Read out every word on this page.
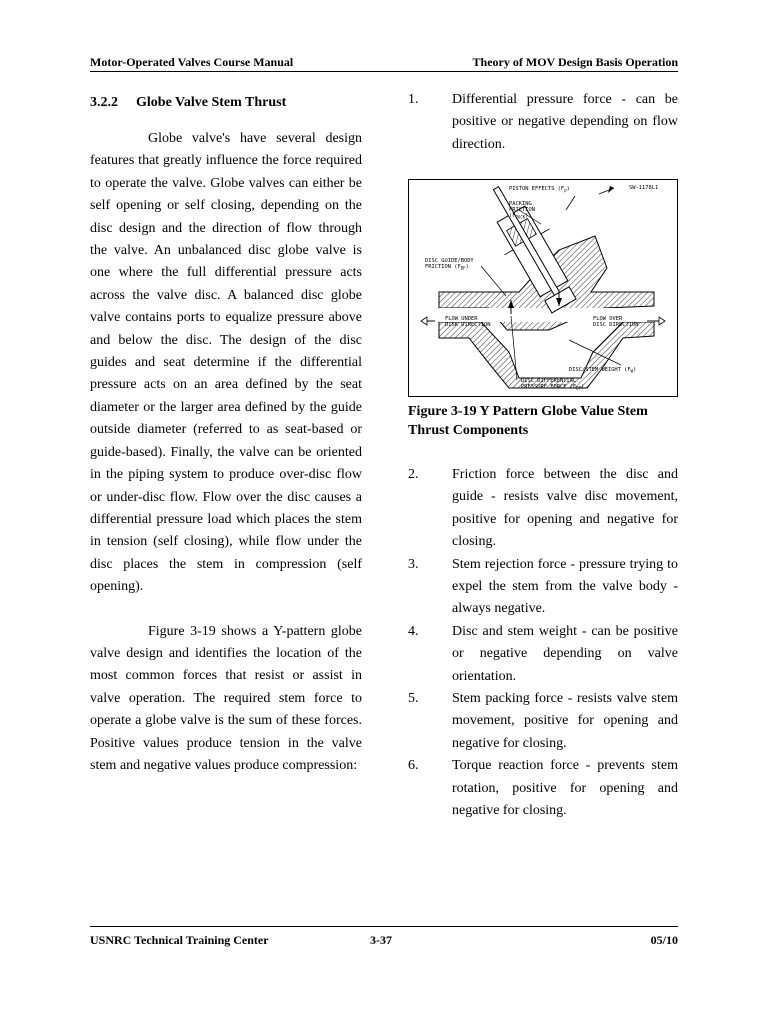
Motor-Operated Valves Course Manual	Theory of MOV Design Basis Operation
3.2.2 Globe Valve Stem Thrust

Globe valve's have several design features that greatly influence the force required to operate the valve. Globe valves can either be self opening or self closing, depending on the disc design and the direction of flow through the valve. An unbalanced disc globe valve is one where the full differential pressure acts across the valve disc. A balanced disc globe valve contains ports to equalize pressure above and below the disc. The design of the disc guides and seat determine if the differential pressure acts on an area defined by the seat diameter or the larger area defined by the guide outside diameter (referred to as seat-based or guide-based). Finally, the valve can be oriented in the piping system to produce over-disc flow or under-disc flow. Flow over the disc causes a differential pressure load which places the stem in tension (self closing), while flow under the disc places the stem in compression (self opening).

Figure 3-19 shows a Y-pattern globe valve design and identifies the location of the most common forces that resist or assist in valve operation. The required stem force to operate a globe valve is the sum of these forces. Positive values produce tension in the valve stem and negative values produce compression:

1. Differential pressure force - can be positive or negative depending on flow direction.
SW-1178L1
PISTON EFFECTS $(F_p)$
PACKING
FRICTION
$(F_{PACK})$
DISC GUIDE/BODY
FRICTION $(F_{DF})$
FLOW UNDER
DISK DIRECTION
FLOW OVER
DISC DIRECTION
DISC/STEM WEIGHT $(F_W)$
DISC DIFFERENTIAL
PRESSURE FORCE $(F_{DP})$
Figure 3-19 Y Pattern Globe Value Stem Thrust Components
2. Friction force between the disc and guide - resists valve disc movement, positive for opening and negative for closing.
3. Stem rejection force - pressure trying to expel the stem from the valve body - always negative.
4. Disc and stem weight - can be positive or negative depending on valve orientation.
5. Stem packing force - resists valve stem movement, positive for opening and negative for closing.
6. Torque reaction force - prevents stem rotation, positive for opening and negative for closing.
USNRC Technical Training Center	3-37	05/10
